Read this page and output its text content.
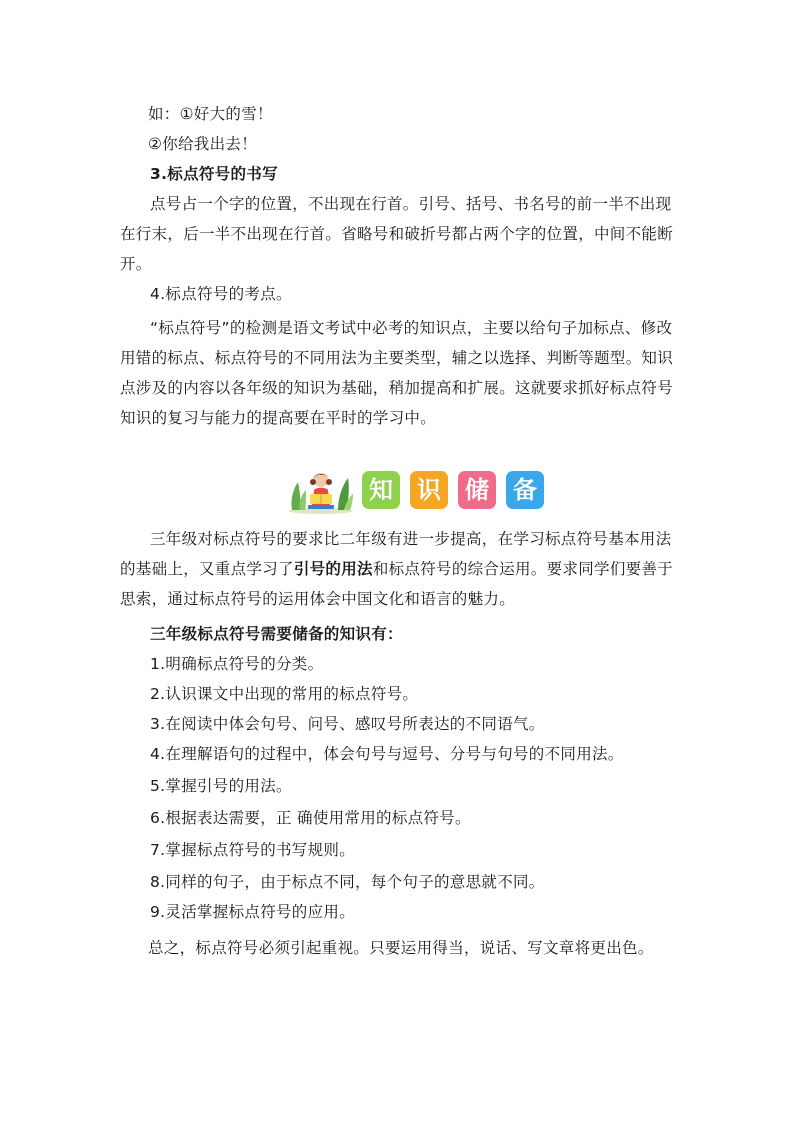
如：①好大的雪！

②你给我出去！

3.标点符号的书写

点号占一个字的位置，不出现在行首。引号、括号、书名号的前一半不出现在行末，后一半不出现在行首。省略号和破折号都占两个字的位置，中间不能断开。

4.标点符号的考点。

“标点符号”的检测是语文考试中必考的知识点，主要以给句子加标点、修改用错的标点、标点符号的不同用法为主要类型，辅之以选择、判断等题型。知识点涉及的内容以各年级的知识为基础，稍加提高和扩展。这就要求抓好标点符号知识的复习与能力的提高要在平时的学习中。

知 识 储 备

三年级对标点符号的要求比二年级有进一步提高，在学习标点符号基本用法的基础上，又重点学习了引号的用法和标点符号的综合运用。要求同学们要善于思索，通过标点符号的运用体会中国文化和语言的魅力。

三年级标点符号需要储备的知识有：

1.明确标点符号的分类。

2.认识课文中出现的常用的标点符号。

3.在阅读中体会句号、问号、感叹号所表达的不同语气。

4.在理解语句的过程中，体会句号与逗号、分号与句号的不同用法。

5.掌握引号的用法。

6.根据表达需要，正 确使用常用的标点符号。

7.掌握标点符号的书写规则。

8.同样的句子，由于标点不同，每个句子的意思就不同。

9.灵活掌握标点符号的应用。

总之，标点符号必须引起重视。只要运用得当，说话、写文章将更出色。
